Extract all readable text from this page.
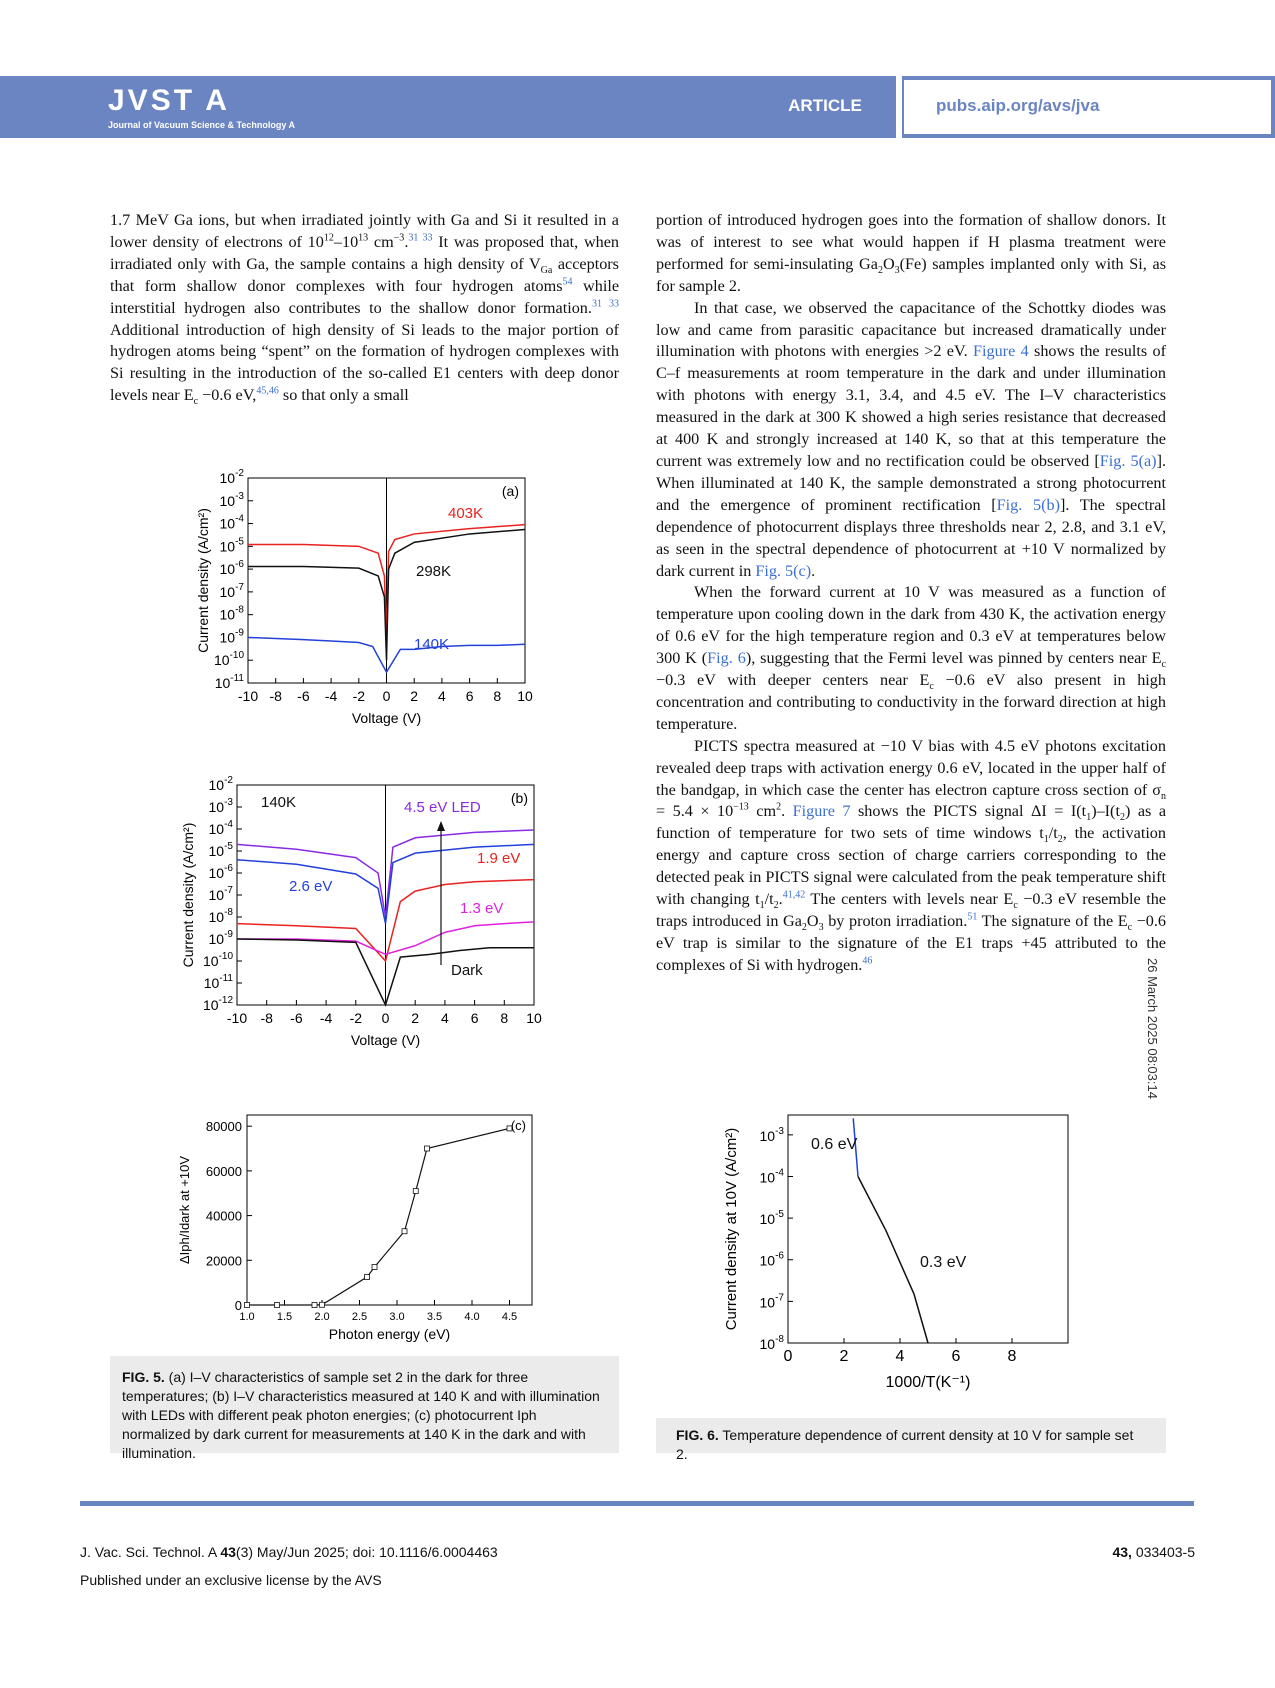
JVST A
Journal of Vacuum Science & Technology A
ARTICLE	pubs.aip.org/avs/jva

1.7 MeV Ga ions, but when irradiated jointly with Ga and Si it resulted in a lower density of electrons of $10^{12}-10^{13}$ $cm^{-3}.^{31 33}$ It was proposed that, when irradiated only with Ga, the sample contains a high density of $V_{Ga}$ acceptors that form shallow donor complexes with four hydrogen atoms$^{54}$ while interstitial hydrogen also contributes to the shallow donor formation.$^{31 33}$ Additional introduction of high density of Si leads to the major portion of hydrogen atoms being “spent” on the formation of hydrogen complexes with Si resulting in the introduction of the so-called E1 centers with deep donor levels near $E_c -0.6$ eV,$^{45,46}$ so that only a small

portion of introduced hydrogen goes into the formation of shallow donors. It was of interest to see what would happen if H plasma treatment were performed for semi-insulating $Ga_2O_3(Fe)$ samples implanted only with Si, as for sample 2.

In that case, we observed the capacitance of the Schottky diodes was low and came from parasitic capacitance but increased dramatically under illumination with photons with energies >2 eV. Figure 4 shows the results of C–f measurements at room temperature in the dark and under illumination with photons with energy 3.1, 3.4, and 4.5 eV. The I–V characteristics measured in the dark at 300 K showed a high series resistance that decreased at 400 K and strongly increased at 140 K, so that at this temperature the current was extremely low and no rectification could be observed [Fig. 5(a)]. When illuminated at 140 K, the sample demonstrated a strong photocurrent and the emergence of prominent rectification [Fig. 5(b)]. The spectral dependence of photocurrent displays three thresholds near 2, 2.8, and 3.1 eV, as seen in the spectral dependence of photocurrent at +10 V normalized by dark current in Fig. 5(c).

When the forward current at 10 V was measured as a function of temperature upon cooling down in the dark from 430 K, the activation energy of 0.6 eV for the high temperature region and 0.3 eV at temperatures below 300 K (Fig. 6), suggesting that the Fermi level was pinned by centers near $E_c -0.3$ eV with deeper centers near $E_c -0.6$ eV also present in high concentration and contributing to conductivity in the forward direction at high temperature.

PICTS spectra measured at −10 V bias with 4.5 eV photons excitation revealed deep traps with activation energy 0.6 eV, located in the upper half of the bandgap, in which case the center has electron capture cross section of $\sigma_n = 5.4 \times 10^{-13}$ $cm^2$. Figure 7 shows the PICTS signal $\Delta I = I(t_1)-I(t_2)$ as a function of temperature for two sets of time windows $t_1/t_2$, the activation energy and capture cross section of charge carriers corresponding to the detected peak in PICTS signal were calculated from the peak temperature shift with changing $t_1/t_2.^{41,42}$ The centers with levels near $E_c -0.3$ eV resemble the traps introduced in $Ga_2O_3$ by proton irradiation.$^{51}$ The signature of the $E_c -0.6$ eV trap is similar to the signature of the E1 traps +45 attributed to the complexes of Si with hydrogen.$^{46}$	26 March 2025 08:03:14
-10 -8 -6 -4 -2 0 2 4 6 8 10
$10^{-2}$
$10^{-3}$
$10^{-4}$
$10^{-5}$
$10^{-6}$
$10^{-7}$
$10^{-8}$
$10^{-9}$
$10^{-10}$
$10^{-11}$
Voltage (V)
Current density (A/cm²)
(a)
403K
298K
140K
-10 -8 -6 -4 -2 0 2 4 6 8 10
$10^{-2}$
$10^{-3}$
$10^{-4}$
$10^{-5}$
$10^{-6}$
$10^{-7}$
$10^{-8}$
$10^{-9}$
$10^{-10}$
$10^{-11}$
$10^{-12}$
Voltage (V)
Current density (A/cm²)
(b)
140K	4.5 eV LED
1.9 eV
2.6 eV
1.3 eV
Dark
1.0 1.5 2.0 2.5 3.0 3.5 4.0 4.5
0
20000
40000
60000
80000
Photon energy (eV)
ΔIph/Idark at +10V
(c)
0	2	4	6	8
$10^{-3}$
$10^{-4}$
$10^{-5}$
$10^{-6}$
$10^{-7}$
$10^{-8}$
1000/T(K⁻¹)
Current density at 10V (A/cm²)	0.6 eV
0.3 eV
FIG. 5. (a) I–V characteristics of sample set 2 in the dark for three temperatures; (b) I–V characteristics measured at 140 K and with illumination with LEDs with different peak photon energies; (c) photocurrent Iph normalized by dark current for measurements at 140 K in the dark and with illumination.
FIG. 6. Temperature dependence of current density at 10 V for sample set 2.
J. Vac. Sci. Technol. A 43(3) May/Jun 2025; doi: 10.1116/6.0004463
Published under an exclusive license by the AVS
43, 033403-5
